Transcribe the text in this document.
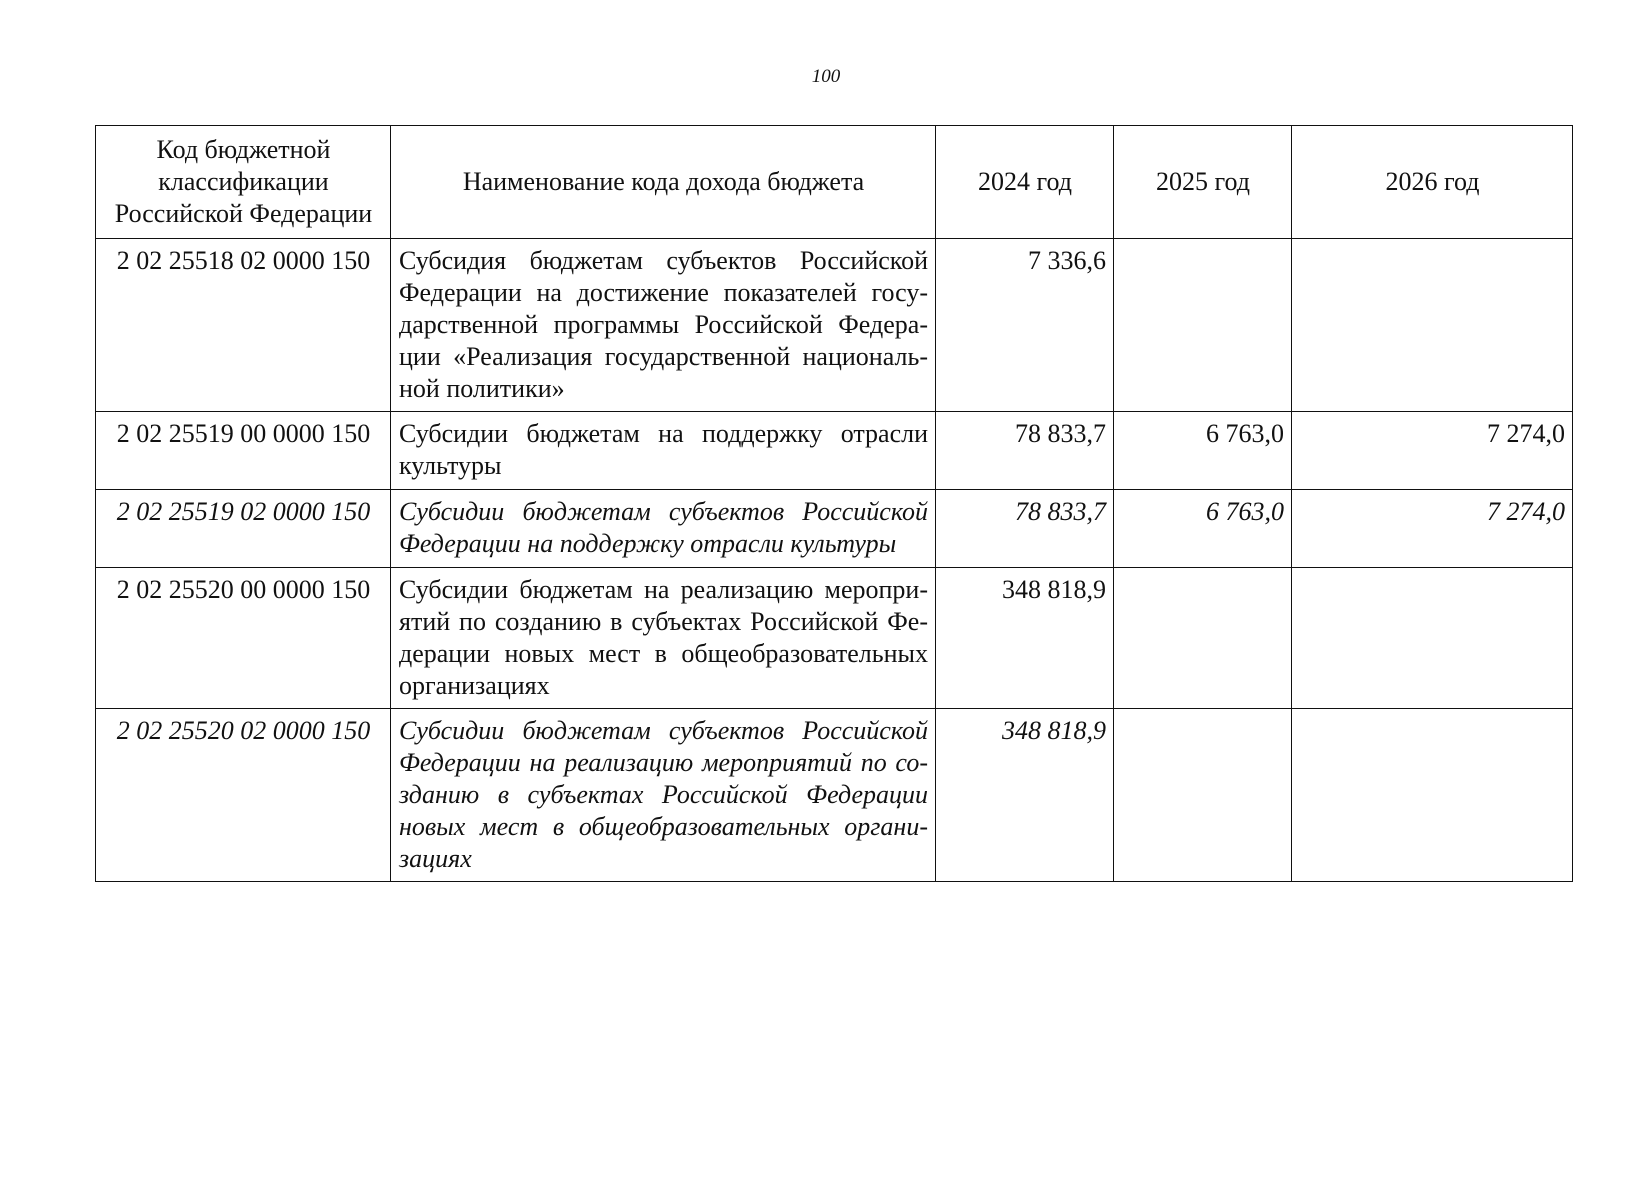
100
Код бюджетной классификации Российской Федерации	Наименование кода дохода бюджета	2024 год	2025 год	2026 год
2 02 25518 02 0000 150	Субсидия бюджетам субъектов Российской Федерации на достижение показателей государственной программы Российской Федерации «Реализация государственной национальной политики»	7 336,6		
2 02 25519 00 0000 150	Субсидии бюджетам на поддержку отрасли культуры	78 833,7	6 763,0	7 274,0
2 02 25519 02 0000 150	Субсидии бюджетам субъектов Российской Федерации на поддержку отрасли культуры	78 833,7	6 763,0	7 274,0
2 02 25520 00 0000 150	Субсидии бюджетам на реализацию мероприятий по созданию в субъектах Российской Федерации новых мест в общеобразовательных организациях	348 818,9		
2 02 25520 02 0000 150	Субсидии бюджетам субъектов Российской Федерации на реализацию мероприятий по созданию в субъектах Российской Федерации новых мест в общеобразовательных организациях	348 818,9		
